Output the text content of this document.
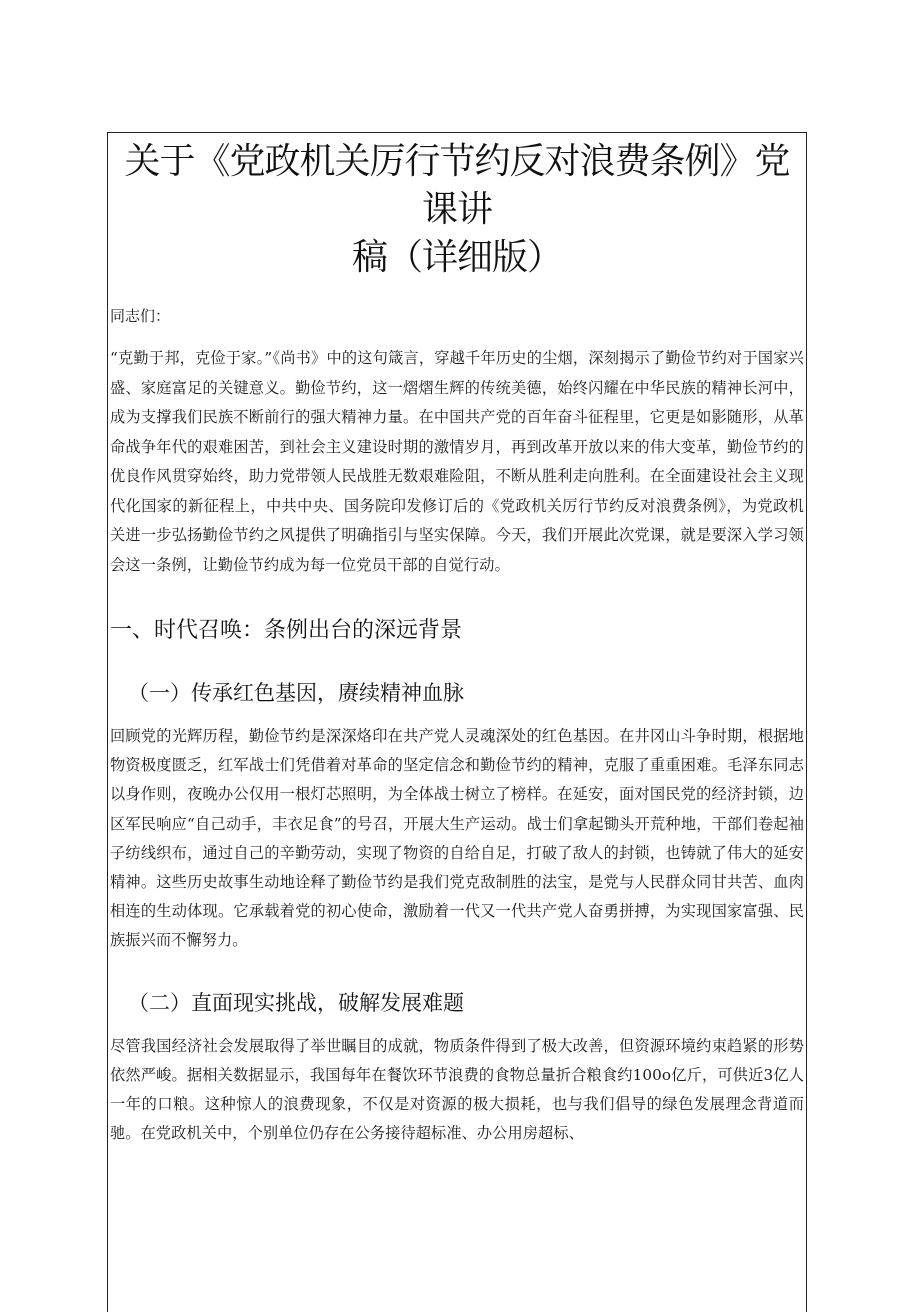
关于《党政机关厉行节约反对浪费条例》党课讲
稿（详细版）

同志们：

“克勤于邦，克俭于家。”《尚书》中的这句箴言，穿越千年历史的尘烟，深刻揭示了勤俭节约对于国家兴盛、家庭富足的关键意义。勤俭节约，这一熠熠生辉的传统美德，始终闪耀在中华民族的精神长河中，成为支撑我们民族不断前行的强大精神力量。在中国共产党的百年奋斗征程里，它更是如影随形，从革命战争年代的艰难困苦，到社会主义建设时期的激情岁月，再到改革开放以来的伟大变革，勤俭节约的优良作风贯穿始终，助力党带领人民战胜无数艰难险阻，不断从胜利走向胜利。在全面建设社会主义现代化国家的新征程上，中共中央、国务院印发修订后的《党政机关厉行节约反对浪费条例》，为党政机关进一步弘扬勤俭节约之风提供了明确指引与坚实保障。今天，我们开展此次党课，就是要深入学习领会这一条例，让勤俭节约成为每一位党员干部的自觉行动。

一、时代召唤：条例出台的深远背景
（一）传承红色基因，赓续精神血脉

回顾党的光辉历程，勤俭节约是深深烙印在共产党人灵魂深处的红色基因。在井冈山斗争时期，根据地物资极度匮乏，红军战士们凭借着对革命的坚定信念和勤俭节约的精神，克服了重重困难。毛泽东同志以身作则，夜晚办公仅用一根灯芯照明，为全体战士树立了榜样。在延安，面对国民党的经济封锁，边区军民响应“自己动手，丰衣足食”的号召，开展大生产运动。战士们拿起锄头开荒种地，干部们卷起袖子纺线织布，通过自己的辛勤劳动，实现了物资的自给自足，打破了敌人的封锁，也铸就了伟大的延安精神。这些历史故事生动地诠释了勤俭节约是我们党克敌制胜的法宝，是党与人民群众同甘共苦、血肉相连的生动体现。它承载着党的初心使命，激励着一代又一代共产党人奋勇拼搏，为实现国家富强、民族振兴而不懈努力。

（二）直面现实挑战，破解发展难题

尽管我国经济社会发展取得了举世瞩目的成就，物质条件得到了极大改善，但资源环境约束趋紧的形势依然严峻。据相关数据显示，我国每年在餐饮环节浪费的食物总量折合粮食约100o亿斤，可供近3亿人一年的口粮。这种惊人的浪费现象，不仅是对资源的极大损耗，也与我们倡导的绿色发展理念背道而驰。在党政机关中，个别单位仍存在公务接待超标准、办公用房超标、
